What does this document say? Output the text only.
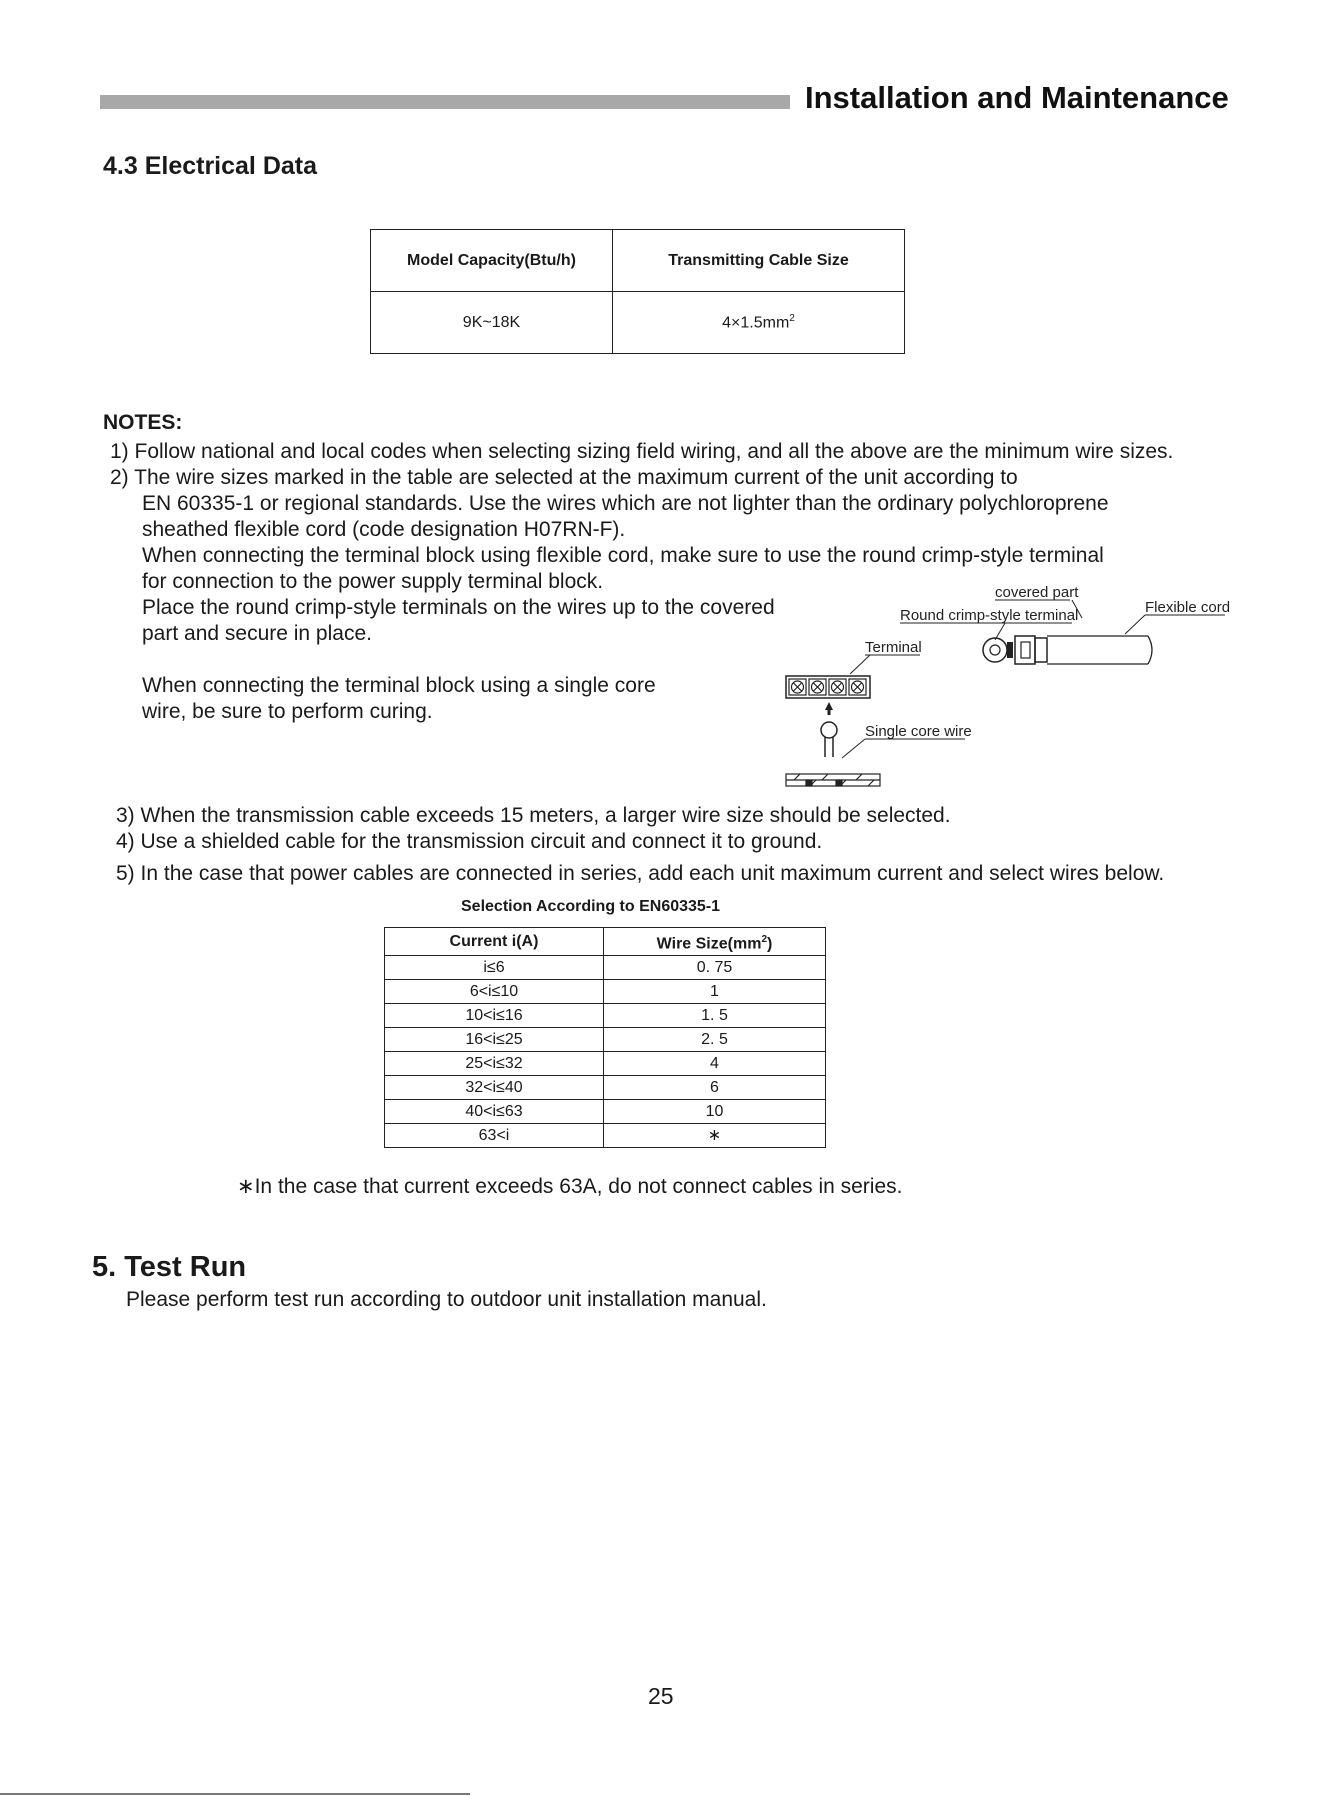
Installation and Maintenance
4.3 Electrical Data
Model Capacity(Btu/h)	Transmitting Cable Size
9K~18K	$4\times 1.5mm^2$
NOTES:
1) Follow national and local codes when selecting sizing field wiring, and all the above are the minimum wire sizes.
2) The wire sizes marked in the table are selected at the maximum current of the unit according to
EN 60335-1 or regional standards. Use the wires which are not lighter than the ordinary polychloroprene
sheathed flexible cord (code designation H07RN-F).
When connecting the terminal block using flexible cord, make sure to use the round crimp-style terminal
for connection to the power supply terminal block.
Place the round crimp-style terminals on the wires up to the covered
part and secure in place.
When connecting the terminal block using a single core
wire, be sure to perform curing.
3) When the transmission cable exceeds 15 meters, a larger wire size should be selected.
4) Use a shielded cable for the transmission circuit and connect it to ground.
5) In the case that power cables are connected in series, add each unit maximum current and select wires below.
covered part
Round crimp-style terminal	Flexible cord
Terminal
Single core wire
Selection According to EN60335-1
Current i(A)	Wire $Size(mm^2)$
i≤6	0. 75
6<i≤10	1
10<i≤16	1. 5
16<i≤25	2. 5
25<i≤32	4
32<i≤40	6
40<i≤63	10
63<i	∗
∗In the case that current exceeds 63A, do not connect cables in series.
5. Test Run
Please perform test run according to outdoor unit installation manual.
25
